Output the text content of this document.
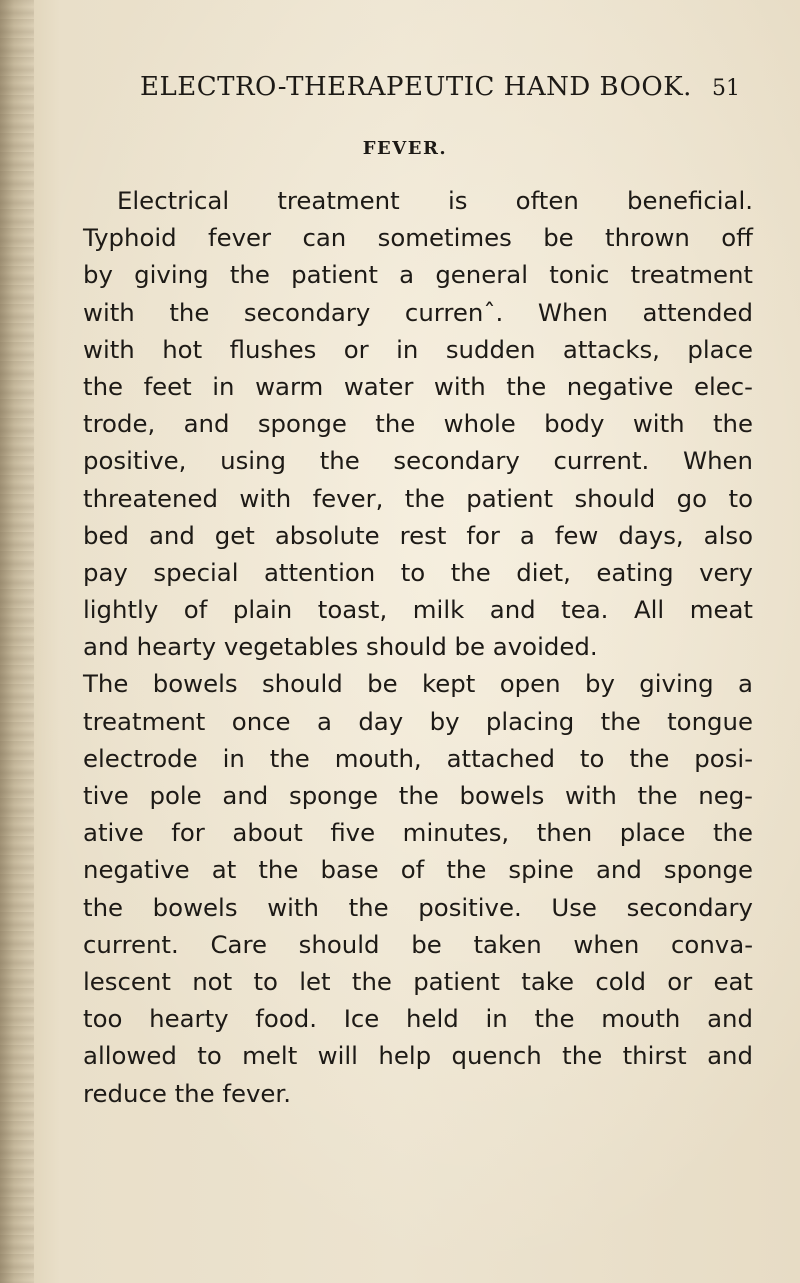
ELECTRO-THERAPEUTIC HAND BOOK. 51
FEVER.
Electrical treatment is often beneficial.
Typhoid fever can sometimes be thrown off
by giving the patient a general tonic treatment
with the secondary currenˆ. When attended
with hot flushes or in sudden attacks, place
the feet in warm water with the negative elec-
trode, and sponge the whole body with the
positive, using the secondary current. When
threatened with fever, the patient should go to
bed and get absolute rest for a few days, also
pay special attention to the diet, eating very
lightly of plain toast, milk and tea. All meat
and hearty vegetables should be avoided.
The bowels should be kept open by giving a
treatment once a day by placing the tongue
electrode in the mouth, attached to the posi-
tive pole and sponge the bowels with the neg-
ative for about five minutes, then place the
negative at the base of the spine and sponge
the bowels with the positive. Use secondary
current. Care should be taken when conva-
lescent not to let the patient take cold or eat
too hearty food. Ice held in the mouth and
allowed to melt will help quench the thirst and
reduce the fever.
